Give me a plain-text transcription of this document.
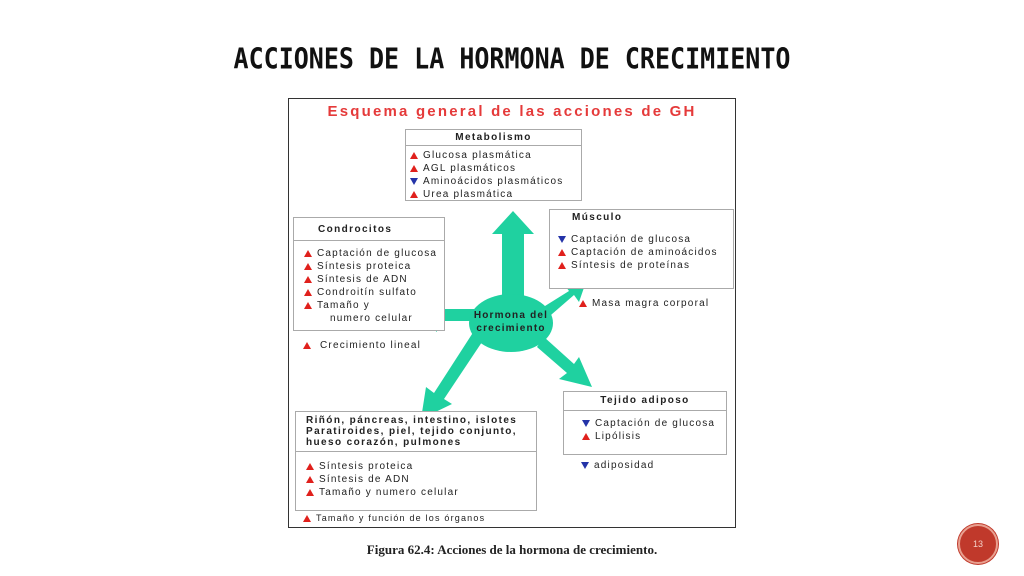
ACCIONES DE LA HORMONA DE CRECIMIENTO
Esquema general de las acciones de GH
Hormona del
crecimiento
Metabolismo
Glucosa plasmática
AGL plasmáticos
Aminoácidos plasmáticos
Urea plasmática
Condrocitos
Captación de glucosa
Síntesis proteica
Síntesis de ADN
Condroitín sulfato
Tamaño y
numero celular
Crecimiento lineal
Músculo
Captación de glucosa
Captación de aminoácidos
Síntesis de proteínas
Masa magra corporal
Tejido adiposo
Captación de glucosa
Lipólisis
adiposidad
Riñón, páncreas, intestino, islotes
Paratiroides, piel, tejido conjunto,
hueso corazón, pulmones
Síntesis proteica
Síntesis de ADN
Tamaño y numero celular
Tamaño y función de los órganos
Figura 62.4: Acciones de la hormona de crecimiento.	13
